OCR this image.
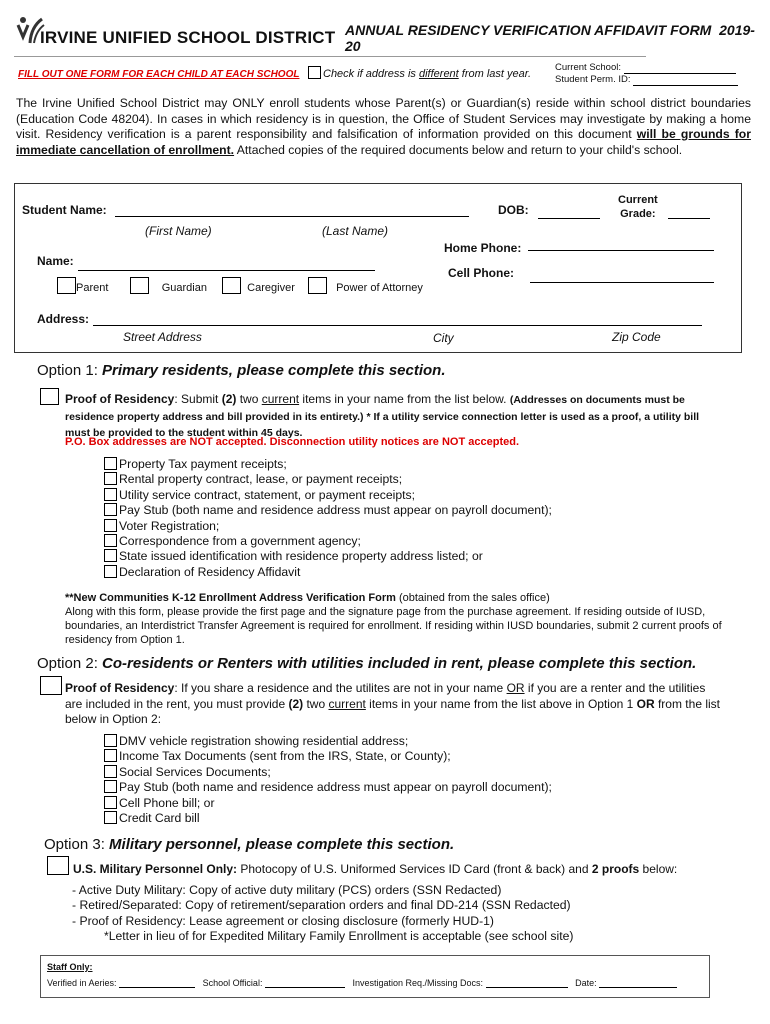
IRVINE UNIFIED SCHOOL DISTRICT ANNUAL RESIDENCY VERIFICATION AFFIDAVIT FORM 2019-20
FILL OUT ONE FORM FOR EACH CHILD AT EACH SCHOOL	Check if address is different from last year.
Current School:
Student Perm. ID:
The Irvine Unified School District may ONLY enroll students whose Parent(s) or Guardian(s) reside within school district boundaries (Education Code 48204). In cases in which residency is in question, the Office of Student Services may investigate by making a home visit. Residency verification is a parent responsibility and falsification of information provided on this document will be grounds for immediate cancellation of enrollment. Attached copies of the required documents below and return to your child's school.
Student Name:
(First Name)	(Last Name)
DOB:
Current
Grade:
Home Phone:
Cell Phone:
Name:
Parent	Guardian	Caregiver	Power of Attorney
Address:
Street Address	City	Zip Code
Option 1: Primary residents, please complete this section.
Proof of Residency: Submit (2) two current items in your name from the list below. (Addresses on documents must be residence property address and bill provided in its entirety.) * If a utility service connection letter is used as a proof, a utility bill must be provided to the student within 45 days.
P.O. Box addresses are NOT accepted. Disconnection utility notices are NOT accepted.
Property Tax payment receipts;
Rental property contract, lease, or payment receipts;
Utility service contract, statement, or payment receipts;
Pay Stub (both name and residence address must appear on payroll document);
Voter Registration;
Correspondence from a government agency;
State issued identification with residence property address listed; or
Declaration of Residency Affidavit
**New Communities K-12 Enrollment Address Verification Form (obtained from the sales office)
Along with this form, please provide the first page and the signature page from the purchase agreement. If residing outside of IUSD, boundaries, an Interdistrict Transfer Agreement is required for enrollment. If residing within IUSD boundaries, submit 2 current proofs of residency from Option 1.
Option 2: Co-residents or Renters with utilities included in rent, please complete this section.
Proof of Residency: If you share a residence and the utilites are not in your name OR if you are a renter and the utilities are included in the rent, you must provide (2) two current items in your name from the list above in Option 1 OR from the list below in Option 2:
DMV vehicle registration showing residential address;
Income Tax Documents (sent from the IRS, State, or County);
Social Services Documents;
Pay Stub (both name and residence address must appear on payroll document);
Cell Phone bill; or
Credit Card bill
Option 3: Military personnel, please complete this section.
U.S. Military Personnel Only: Photocopy of U.S. Uniformed Services ID Card (front & back) and 2 proofs below:
- Active Duty Military: Copy of active duty military (PCS) orders (SSN Redacted)
- Retired/Separated: Copy of retirement/separation orders and final DD-214 (SSN Redacted)
- Proof of Residency: Lease agreement or closing disclosure (formerly HUD-1)
*Letter in lieu of for Expedited Military Family Enrollment is acceptable (see school site)
Staff Only:
Verified in Aeries:	School Official:	Investigation Req./Missing Docs:	Date:
